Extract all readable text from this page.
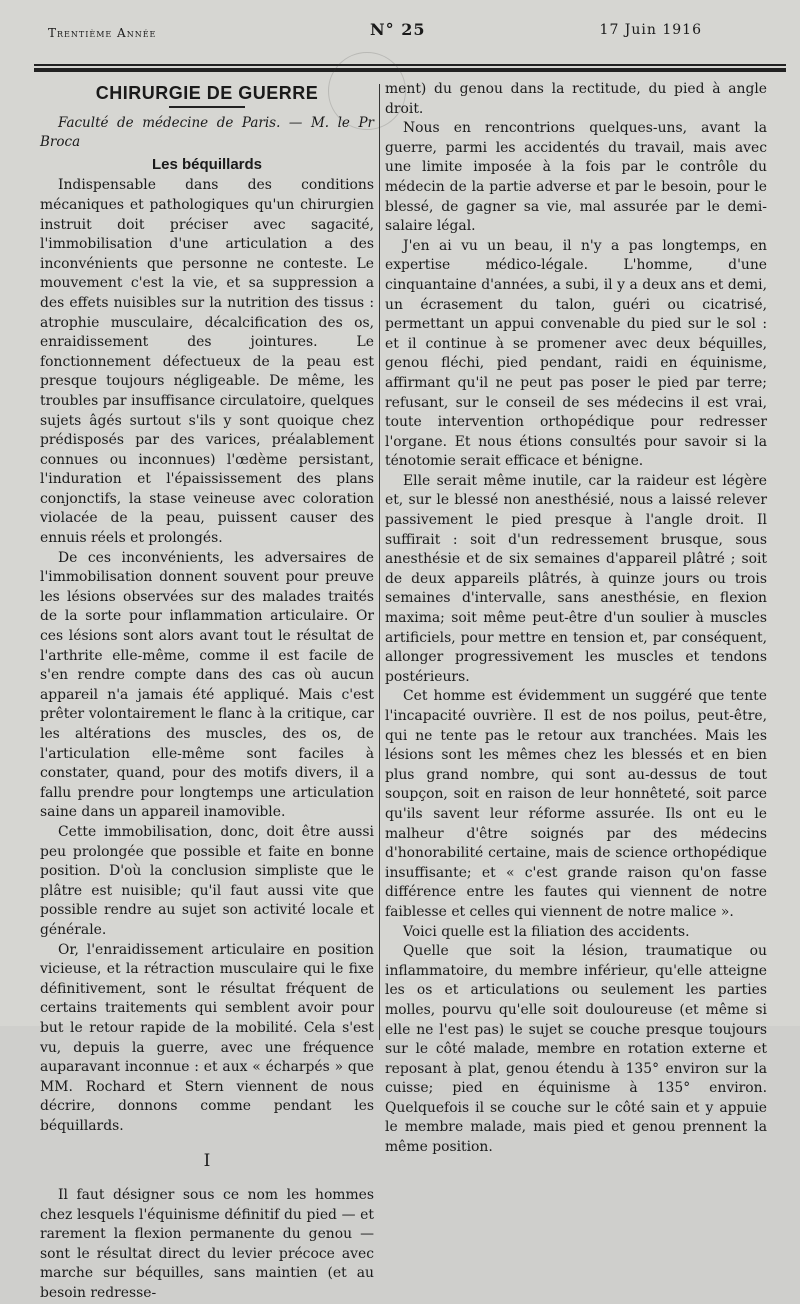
Trentième Année	N° 25	17 Juin 1916
CHIRURGIE DE GUERRE

Faculté de médecine de Paris. — M. le Pr Broca

Les béquillards

Indispensable dans des conditions mécaniques et pathologiques qu'un chirurgien instruit doit préciser avec sagacité, l'immobilisation d'une articulation a des inconvénients que personne ne conteste. Le mouvement c'est la vie, et sa suppression a des effets nuisibles sur la nutrition des tissus : atrophie musculaire, décalcification des os, enraidissement des jointures. Le fonctionnement défectueux de la peau est presque toujours négligeable. De même, les troubles par insuffisance circulatoire, quelques sujets âgés surtout s'ils y sont quoique chez prédisposés par des varices, préalablement connues ou inconnues) l'œdème persistant, l'induration et l'épaississement des plans conjonctifs, la stase veineuse avec coloration violacée de la peau, puissent causer des ennuis réels et prolongés.

De ces inconvénients, les adversaires de l'immobilisation donnent souvent pour preuve les lésions observées sur des malades traités de la sorte pour inflammation articulaire. Or ces lésions sont alors avant tout le résultat de l'arthrite elle-même, comme il est facile de s'en rendre compte dans des cas où aucun appareil n'a jamais été appliqué. Mais c'est prêter volontairement le flanc à la critique, car les altérations des muscles, des os, de l'articulation elle-même sont faciles à constater, quand, pour des motifs divers, il a fallu prendre pour longtemps une articulation saine dans un appareil inamovible.

Cette immobilisation, donc, doit être aussi peu prolongée que possible et faite en bonne position. D'où la conclusion simpliste que le plâtre est nuisible; qu'il faut aussi vite que possible rendre au sujet son activité locale et générale.

Or, l'enraidissement articulaire en position vicieuse, et la rétraction musculaire qui le fixe définitivement, sont le résultat fréquent de certains traitements qui semblent avoir pour but le retour rapide de la mobilité. Cela s'est vu, depuis la guerre, avec une fréquence auparavant inconnue : et aux « écharpés » que MM. Rochard et Stern viennent de nous décrire, donnons comme pendant les béquillards.

I

Il faut désigner sous ce nom les hommes chez lesquels l'équinisme définitif du pied — et rarement la flexion permanente du genou — sont le résultat direct du levier précoce avec marche sur béquilles, sans maintien (et au besoin redresse-

ment) du genou dans la rectitude, du pied à angle droit.

Nous en rencontrions quelques-uns, avant la guerre, parmi les accidentés du travail, mais avec une limite imposée à la fois par le contrôle du médecin de la partie adverse et par le besoin, pour le blessé, de gagner sa vie, mal assurée par le demi-salaire légal.

J'en ai vu un beau, il n'y a pas longtemps, en expertise médico-légale. L'homme, d'une cinquantaine d'années, a subi, il y a deux ans et demi, un écrasement du talon, guéri ou cicatrisé, permettant un appui convenable du pied sur le sol : et il continue à se promener avec deux béquilles, genou fléchi, pied pendant, raidi en équinisme, affirmant qu'il ne peut pas poser le pied par terre; refusant, sur le conseil de ses médecins il est vrai, toute intervention orthopédique pour redresser l'organe. Et nous étions consultés pour savoir si la ténotomie serait efficace et bénigne.

Elle serait même inutile, car la raideur est légère et, sur le blessé non anesthésié, nous a laissé relever passivement le pied presque à l'angle droit. Il suffirait : soit d'un redressement brusque, sous anesthésie et de six semaines d'appareil plâtré ; soit de deux appareils plâtrés, à quinze jours ou trois semaines d'intervalle, sans anesthésie, en flexion maxima; soit même peut-être d'un soulier à muscles artificiels, pour mettre en tension et, par conséquent, allonger progressivement les muscles et tendons postérieurs.

Cet homme est évidemment un suggéré que tente l'incapacité ouvrière. Il est de nos poilus, peut-être, qui ne tente pas le retour aux tranchées. Mais les lésions sont les mêmes chez les blessés et en bien plus grand nombre, qui sont au-dessus de tout soupçon, soit en raison de leur honnêteté, soit parce qu'ils savent leur réforme assurée. Ils ont eu le malheur d'être soignés par des médecins d'honorabilité certaine, mais de science orthopédique insuffisante; et « c'est grande raison qu'on fasse différence entre les fautes qui viennent de notre faiblesse et celles qui viennent de notre malice ».

Voici quelle est la filiation des accidents.

Quelle que soit la lésion, traumatique ou inflammatoire, du membre inférieur, qu'elle atteigne les os et articulations ou seulement les parties molles, pourvu qu'elle soit douloureuse (et même si elle ne l'est pas) le sujet se couche presque toujours sur le côté malade, membre en rotation externe et reposant à plat, genou étendu à 135° environ sur la cuisse; pied en équinisme à 135° environ. Quelquefois il se couche sur le côté sain et y appuie le membre malade, mais pied et genou prennent la même position.
